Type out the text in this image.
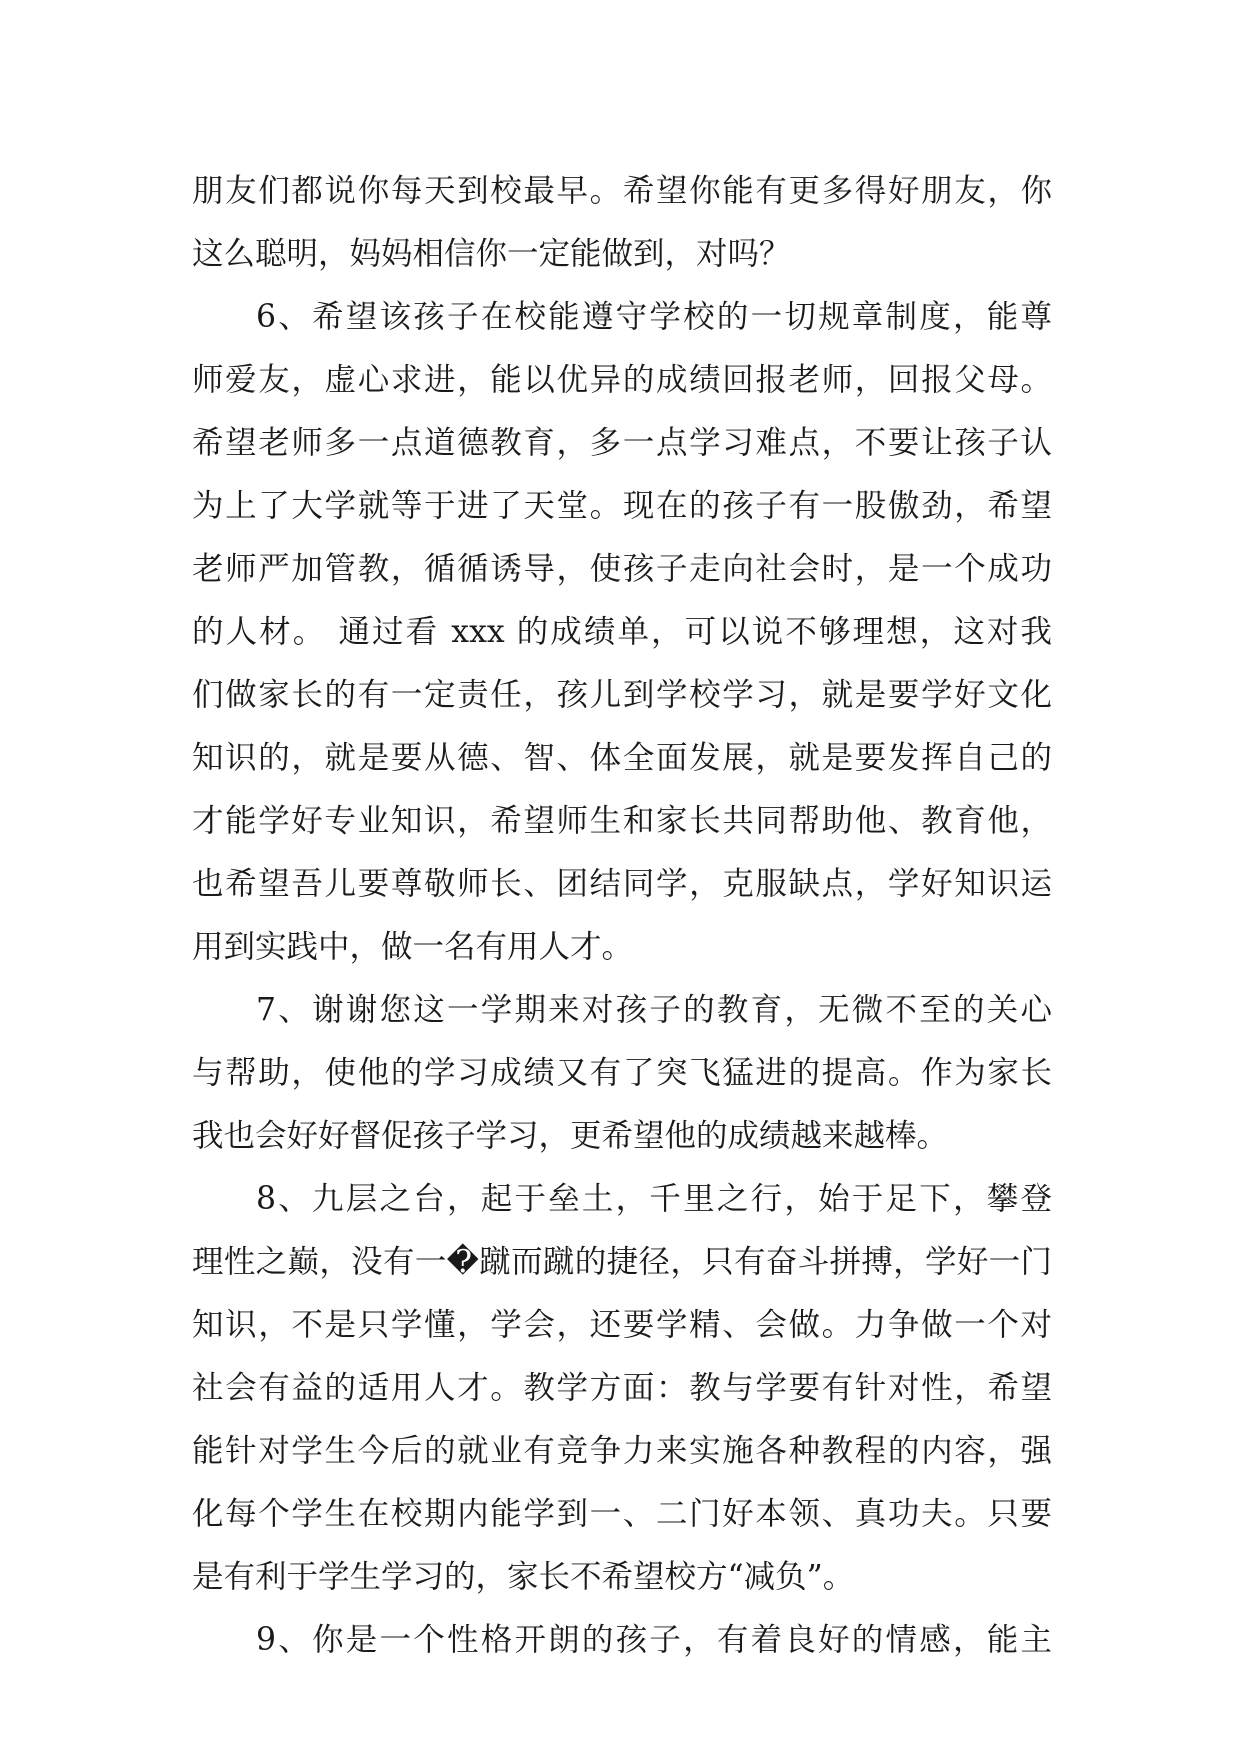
朋友们都说你每天到校最早。希望你能有更多得好朋友，你
这么聪明，妈妈相信你一定能做到，对吗？
6、希望该孩子在校能遵守学校的一切规章制度，能尊
师爱友，虚心求进，能以优异的成绩回报老师，回报父母。
希望老师多一点道德教育，多一点学习难点，不要让孩子认
为上了大学就等于进了天堂。现在的孩子有一股傲劲，希望
老师严加管教，循循诱导，使孩子走向社会时，是一个成功
的人材。 通过看 xxx 的成绩单，可以说不够理想，这对我
们做家长的有一定责任，孩儿到学校学习，就是要学好文化
知识的，就是要从德、智、体全面发展，就是要发挥自己的
才能学好专业知识，希望师生和家长共同帮助他、教育他，
也希望吾儿要尊敬师长、团结同学，克服缺点，学好知识运
用到实践中，做一名有用人才。
7、谢谢您这一学期来对孩子的教育，无微不至的关心
与帮助，使他的学习成绩又有了突飞猛进的提高。作为家长
我也会好好督促孩子学习，更希望他的成绩越来越棒。
8、九层之台，起于垒土，千里之行，始于足下，攀登
理性之巅，没有一�蹴而蹴的捷径，只有奋斗拼搏，学好一门
知识，不是只学懂，学会，还要学精、会做。力争做一个对
社会有益的适用人才。教学方面：教与学要有针对性，希望
能针对学生今后的就业有竞争力来实施各种教程的内容，强
化每个学生在校期内能学到一、二门好本领、真功夫。只要
是有利于学生学习的，家长不希望校方“减负”。
9、你是一个性格开朗的孩子，有着良好的情感，能主
